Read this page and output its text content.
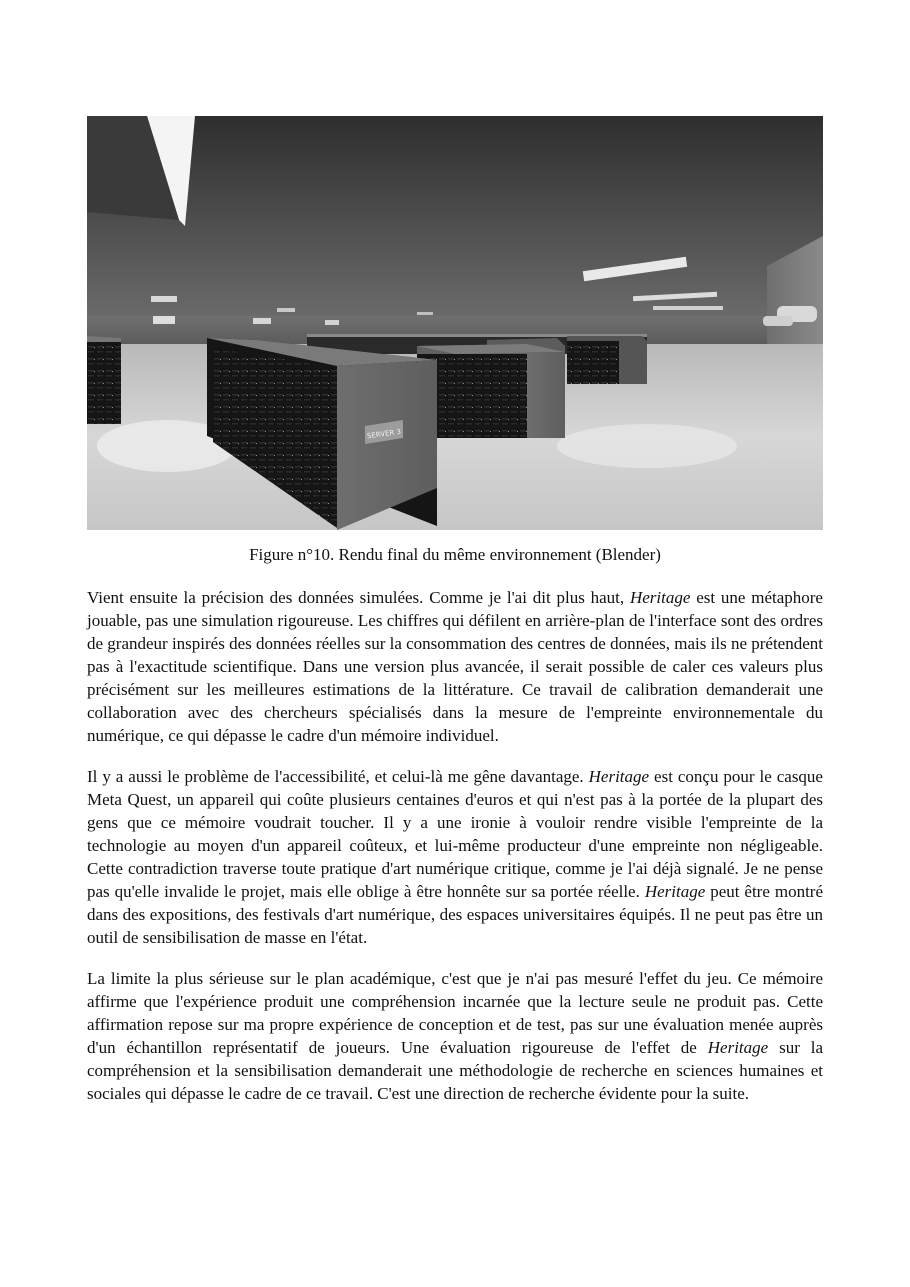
SERVER 3
Figure n°10. Rendu final du même environnement (Blender)

Vient ensuite la précision des données simulées. Comme je l'ai dit plus haut, Heritage est une métaphore jouable, pas une simulation rigoureuse. Les chiffres qui défilent en arrière-plan de l'interface sont des ordres de grandeur inspirés des données réelles sur la consommation des centres de données, mais ils ne prétendent pas à l'exactitude scientifique. Dans une version plus avancée, il serait possible de caler ces valeurs plus précisément sur les meilleures estimations de la littérature. Ce travail de calibration demanderait une collaboration avec des chercheurs spécialisés dans la mesure de l'empreinte environnementale du numérique, ce qui dépasse le cadre d'un mémoire individuel.

Il y a aussi le problème de l'accessibilité, et celui-là me gêne davantage. Heritage est conçu pour le casque Meta Quest, un appareil qui coûte plusieurs centaines d'euros et qui n'est pas à la portée de la plupart des gens que ce mémoire voudrait toucher. Il y a une ironie à vouloir rendre visible l'empreinte de la technologie au moyen d'un appareil coûteux, et lui-même producteur d'une empreinte non négligeable. Cette contradiction traverse toute pratique d'art numérique critique, comme je l'ai déjà signalé. Je ne pense pas qu'elle invalide le projet, mais elle oblige à être honnête sur sa portée réelle. Heritage peut être montré dans des expositions, des festivals d'art numérique, des espaces universitaires équipés. Il ne peut pas être un outil de sensibilisation de masse en l'état.

La limite la plus sérieuse sur le plan académique, c'est que je n'ai pas mesuré l'effet du jeu. Ce mémoire affirme que l'expérience produit une compréhension incarnée que la lecture seule ne produit pas. Cette affirmation repose sur ma propre expérience de conception et de test, pas sur une évaluation menée auprès d'un échantillon représentatif de joueurs. Une évaluation rigoureuse de l'effet de Heritage sur la compréhension et la sensibilisation demanderait une méthodologie de recherche en sciences humaines et sociales qui dépasse le cadre de ce travail. C'est une direction de recherche évidente pour la suite.
